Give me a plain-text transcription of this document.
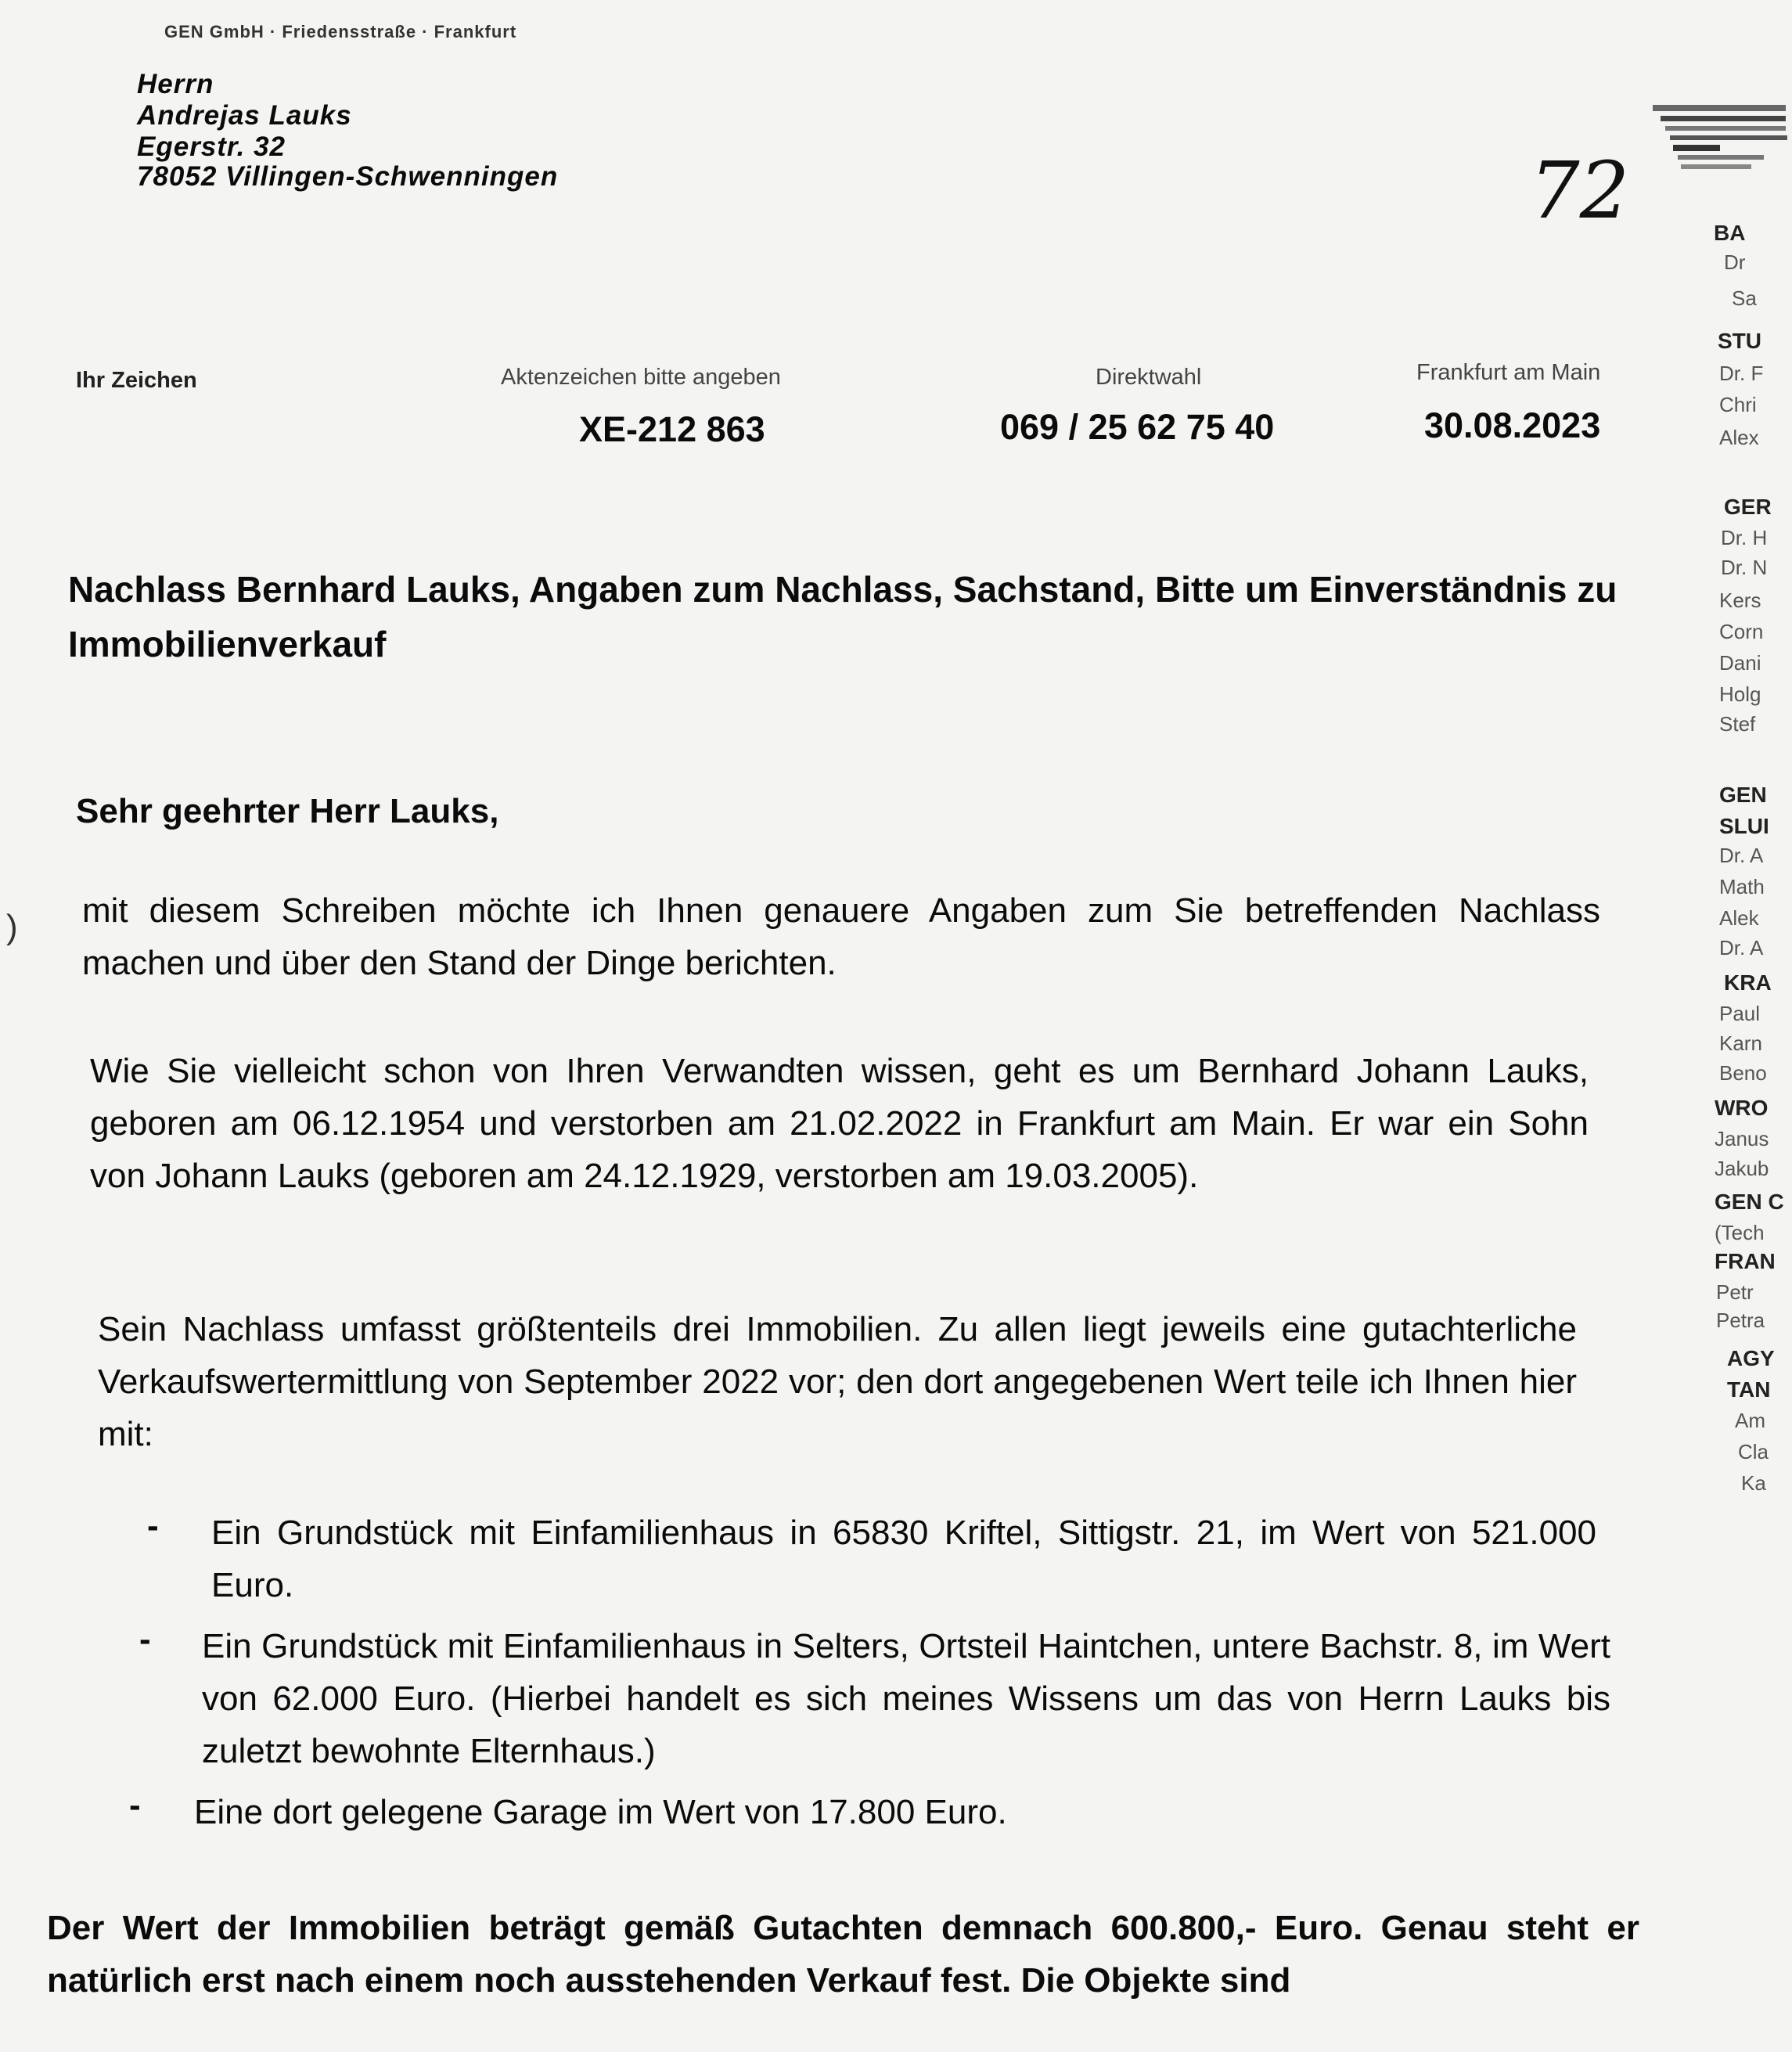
GEN GmbH · Friedensstraße · Frankfurt
Herrn
Andrejas Lauks
Egerstr. 32
78052 Villingen-Schwenningen	72
Ihr Zeichen	Aktenzeichen bitte angeben
XE-212 863
Direktwahl
069 / 25 62 75 40
Frankfurt am Main
30.08.2023
Nachlass Bernhard Lauks, Angaben zum Nachlass, Sachstand, Bitte um Einverständnis zu Immobilienverkauf
Sehr geehrter Herr Lauks,
) mit diesem Schreiben möchte ich Ihnen genauere Angaben zum Sie betreffenden Nachlass machen und über den Stand der Dinge berichten.
Wie Sie vielleicht schon von Ihren Verwandten wissen, geht es um Bernhard Johann Lauks, geboren am 06.12.1954 und verstorben am 21.02.2022 in Frankfurt am Main. Er war ein Sohn von Johann Lauks (geboren am 24.12.1929, verstorben am 19.03.2005).
Sein Nachlass umfasst größtenteils drei Immobilien. Zu allen liegt jeweils eine gutachterliche Verkaufswertermittlung von September 2022 vor; den dort angegebenen Wert teile ich Ihnen hier mit:
- Ein Grundstück mit Einfamilienhaus in 65830 Kriftel, Sittigstr. 21, im Wert von 521.000 Euro.
- Ein Grundstück mit Einfamilienhaus in Selters, Ortsteil Haintchen, untere Bachstr. 8, im Wert von 62.000 Euro. (Hierbei handelt es sich meines Wissens um das von Herrn Lauks bis zuletzt bewohnte Elternhaus.)
- Eine dort gelegene Garage im Wert von 17.800 Euro.
Der Wert der Immobilien beträgt gemäß Gutachten demnach 600.800,- Euro. Genau steht er natürlich erst nach einem noch ausstehenden Verkauf fest. Die Objekte sind
BA
Dr
Sa
STU
Dr. F
Chri
Alex
GER
Dr. H
Dr. N
Kers
Corn
Dani
Holg
Stef
GEN
SLUI
Dr. A
Math
Alek
Dr. A
KRA
Paul
Karn
Beno
WRO
Janus
Jakub
GEN C
(Tech
FRAN
Petr
Petra
AGY
TAN
Am
Cla
Ka
